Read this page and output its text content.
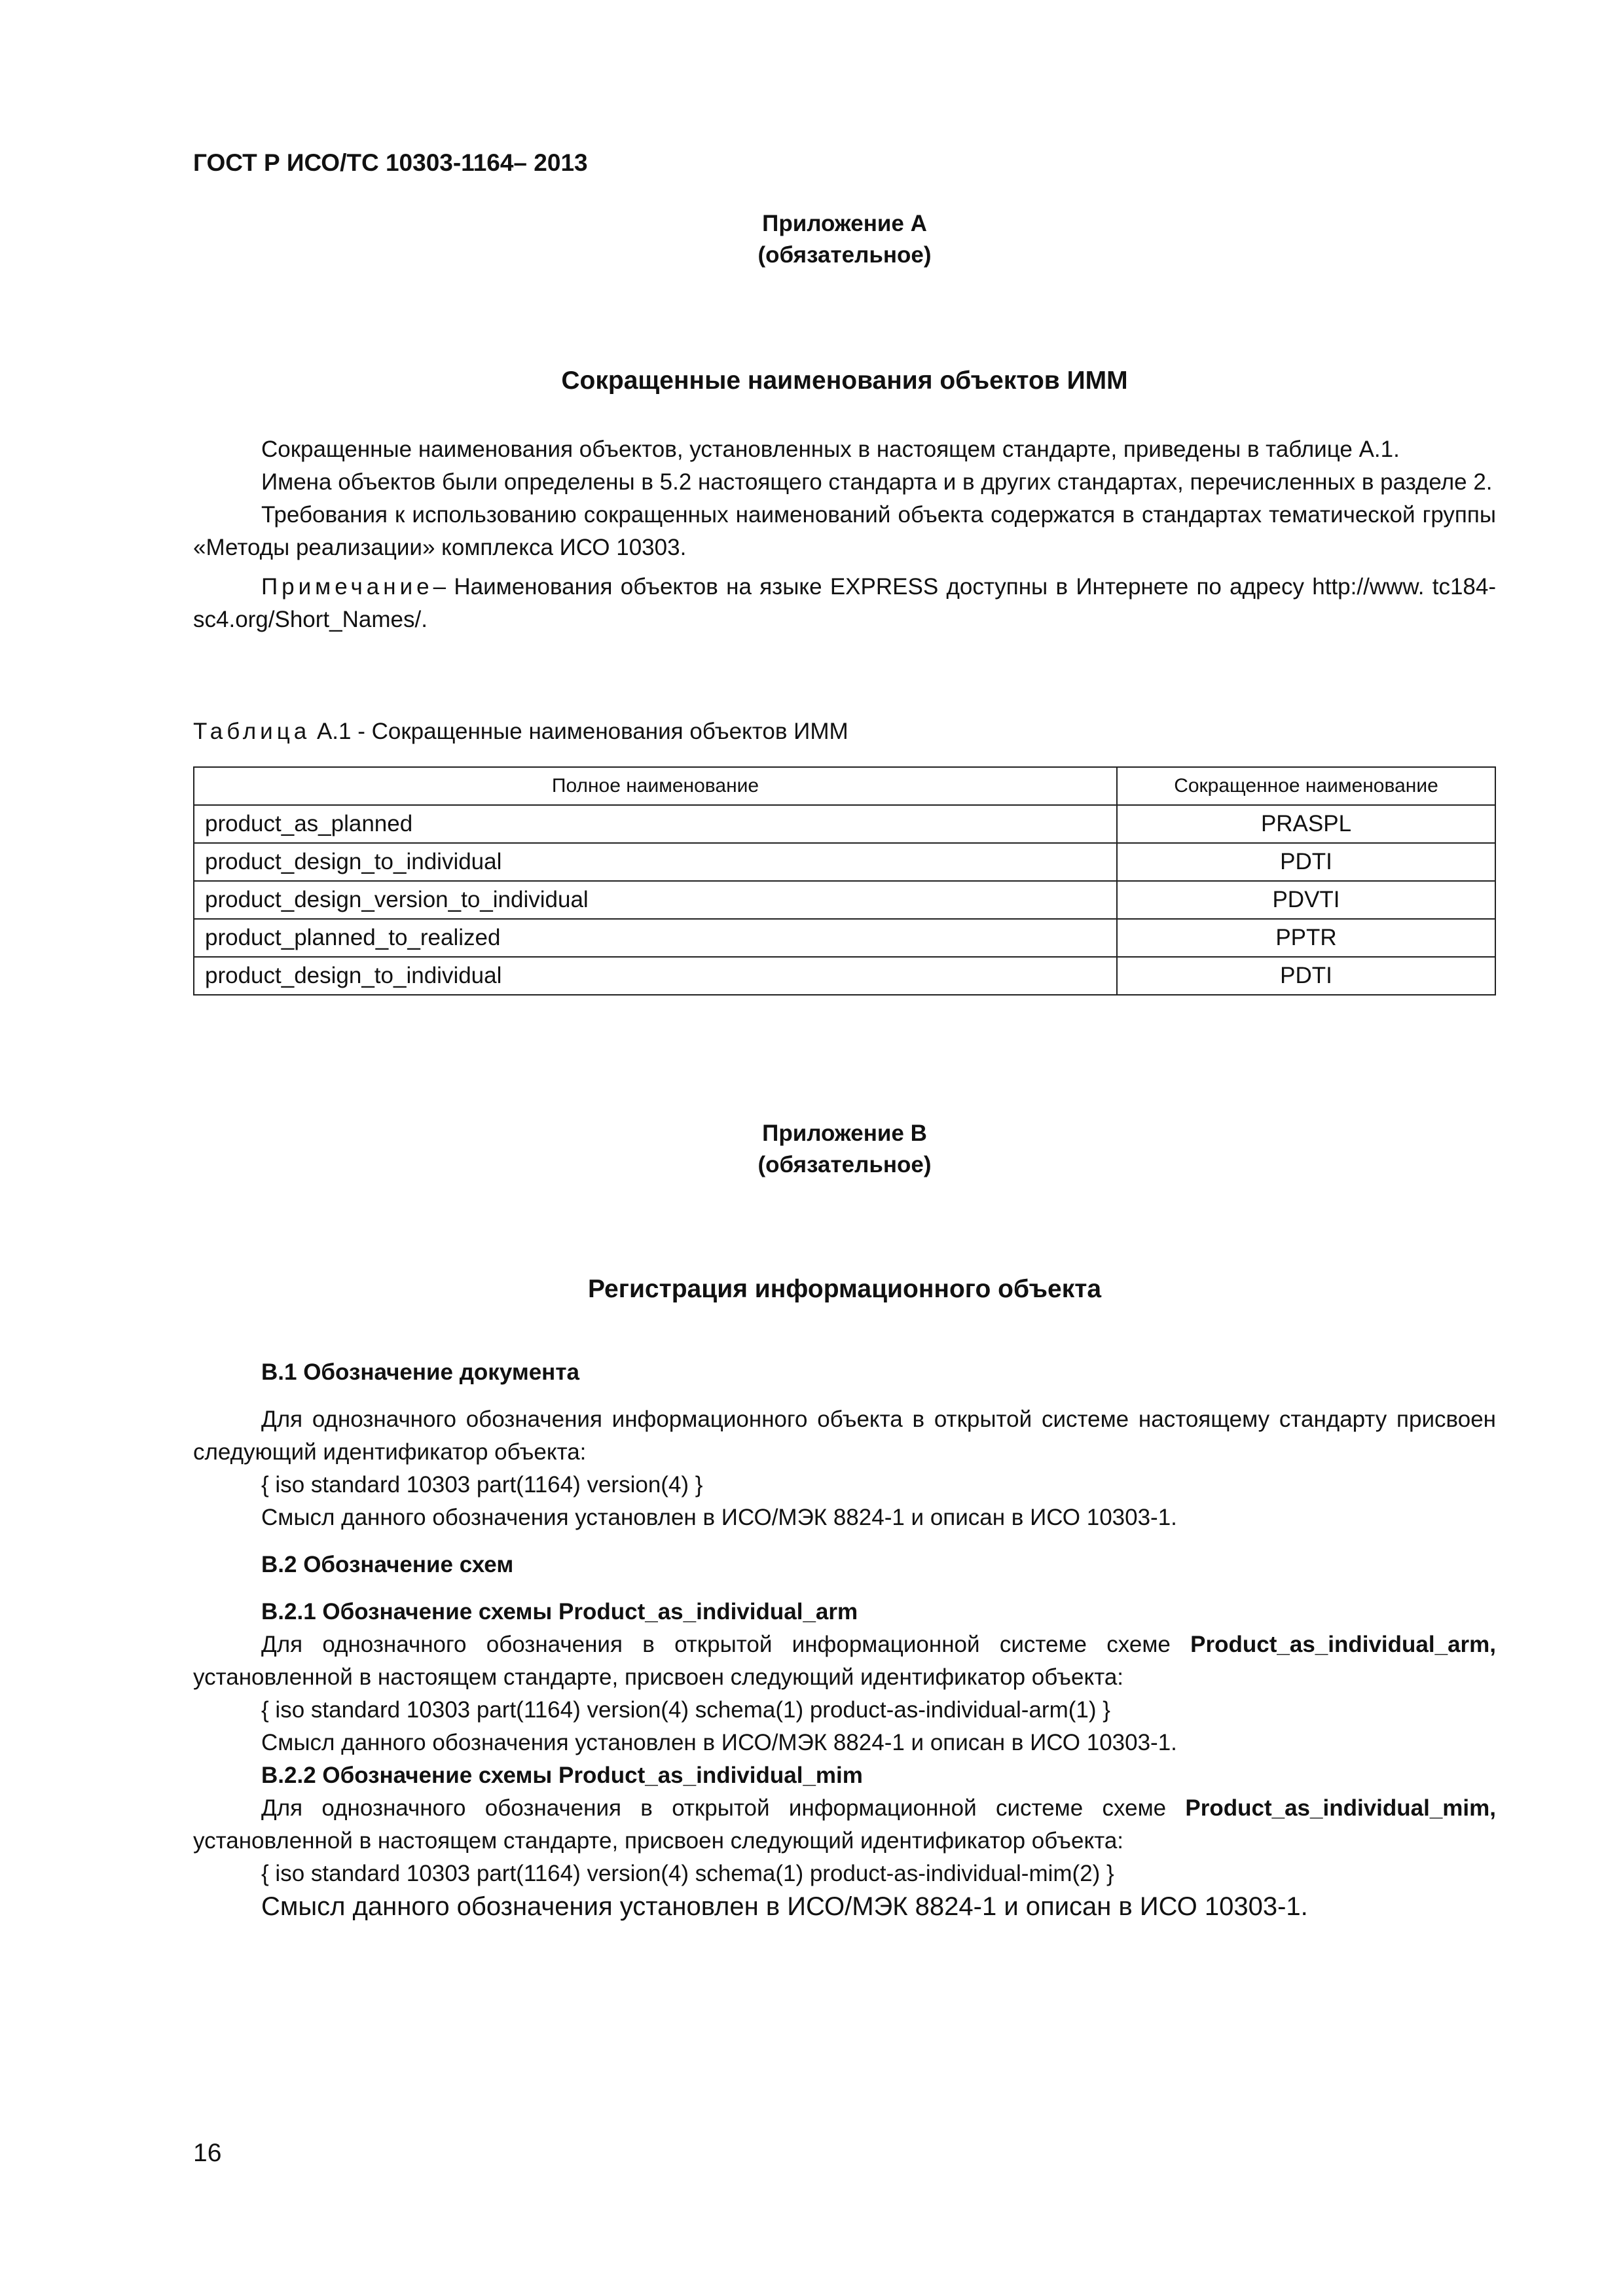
ГОСТ Р ИСО/ТС 10303-1164– 2013
Приложение А
(обязательное)
Сокращенные наименования объектов ИММ

Сокращенные наименования объектов, установленных в настоящем стандарте, приведены в таблице А.1.

Имена объектов были определены в 5.2 настоящего стандарта и в других стандартах, перечисленных в разделе 2.

Требования к использованию сокращенных наименований объекта содержатся в стандартах тематической группы «Методы реализации» комплекса ИСО 10303.

Примечание– Наименования объектов на языке EXPRESS доступны в Интернете по адресу http://www. tc184-sc4.org/Short_Names/.

Таблица А.1 - Сокращенные наименования объектов ИММ
Полное наименование	Сокращенное наименование
product_as_planned	PRASPL
product_design_to_individual	PDTI
product_design_version_to_individual	PDVTI
product_planned_to_realized	PPTR
product_design_to_individual	PDTI
Приложение В
(обязательное)
Регистрация информационного объекта

В.1 Обозначение документа

Для однозначного обозначения информационного объекта в открытой системе настоящему стандарту присвоен следующий идентификатор объекта:

{ iso standard 10303 part(1164) version(4) }

Смысл данного обозначения установлен в ИСО/МЭК 8824-1 и описан в ИСО 10303-1.

В.2 Обозначение схем

В.2.1 Обозначение схемы Product_as_individual_arm

Для однозначного обозначения в открытой информационной системе схеме Product_as_individual_arm, установленной в настоящем стандарте, присвоен следующий идентификатор объекта:

{ iso standard 10303 part(1164) version(4) schema(1) product-as-individual-arm(1) }

Смысл данного обозначения установлен в ИСО/МЭК 8824-1 и описан в ИСО 10303-1.

В.2.2 Обозначение схемы Product_as_individual_mim

Для однозначного обозначения в открытой информационной системе схеме Product_as_individual_mim, установленной в настоящем стандарте, присвоен следующий идентификатор объекта:

{ iso standard 10303 part(1164) version(4) schema(1) product-as-individual-mim(2) }

Смысл данного обозначения установлен в ИСО/МЭК 8824-1 и описан в ИСО 10303-1.

16
